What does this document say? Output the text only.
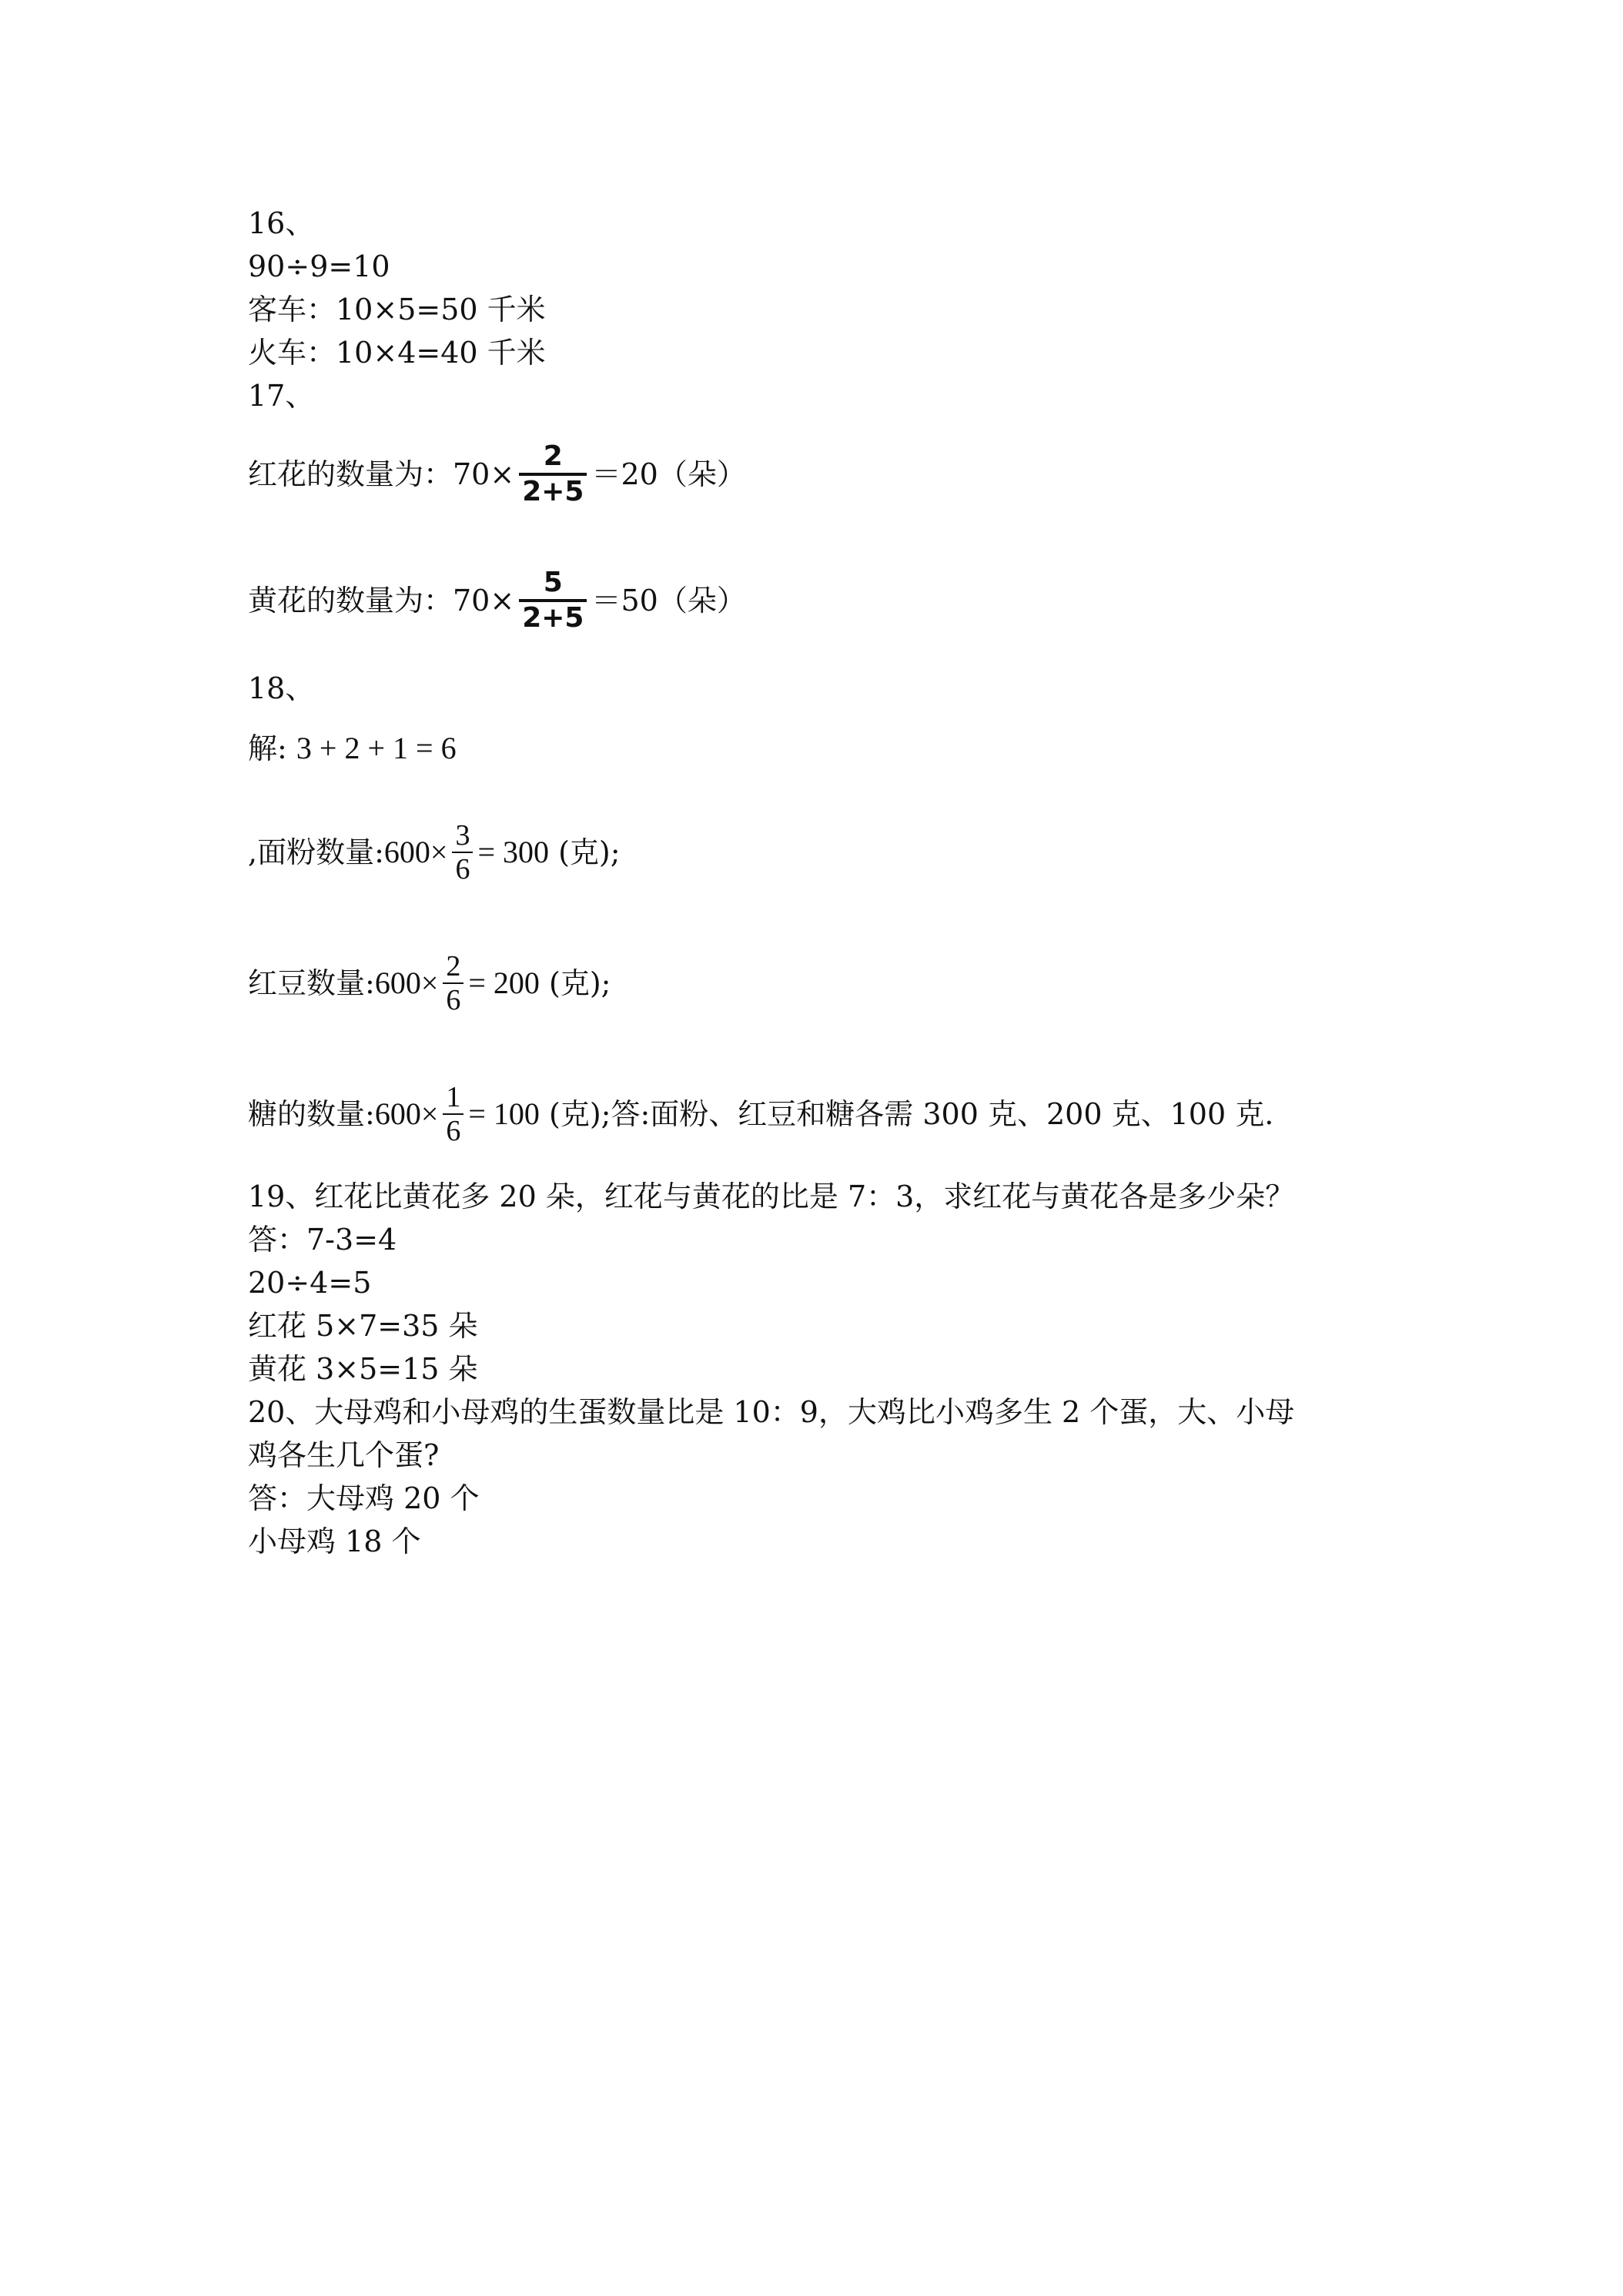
16、
90÷9=10
客车：10×5=50 千米
火车：10×4=40 千米
17、
红花的数量为：$70\times \frac{2}{2+5} =20$（朵）
黄花的数量为：$70\times \frac{5}{2+5} =50$（朵）
18、
解: 3 + 2 + 1 = 6
,面粉数量:600× $\frac{3}{6} = 300$ (克);
红豆数量:600× $\frac{2}{6} = 200$ (克);
糖的数量:600× $\frac{1}{6} = 100$ (克);答:面粉、红豆和糖各需 300 克、200 克、100 克.
19、红花比黄花多 20 朵，红花与黄花的比是 7：3，求红花与黄花各是多少朵？
答：7-3=4
20÷4=5
红花 5×7=35 朵
黄花 3×5=15 朵
20、大母鸡和小母鸡的生蛋数量比是 10：9，大鸡比小鸡多生 2 个蛋，大、小母
鸡各生几个蛋?
答：大母鸡 20 个
小母鸡 18 个
